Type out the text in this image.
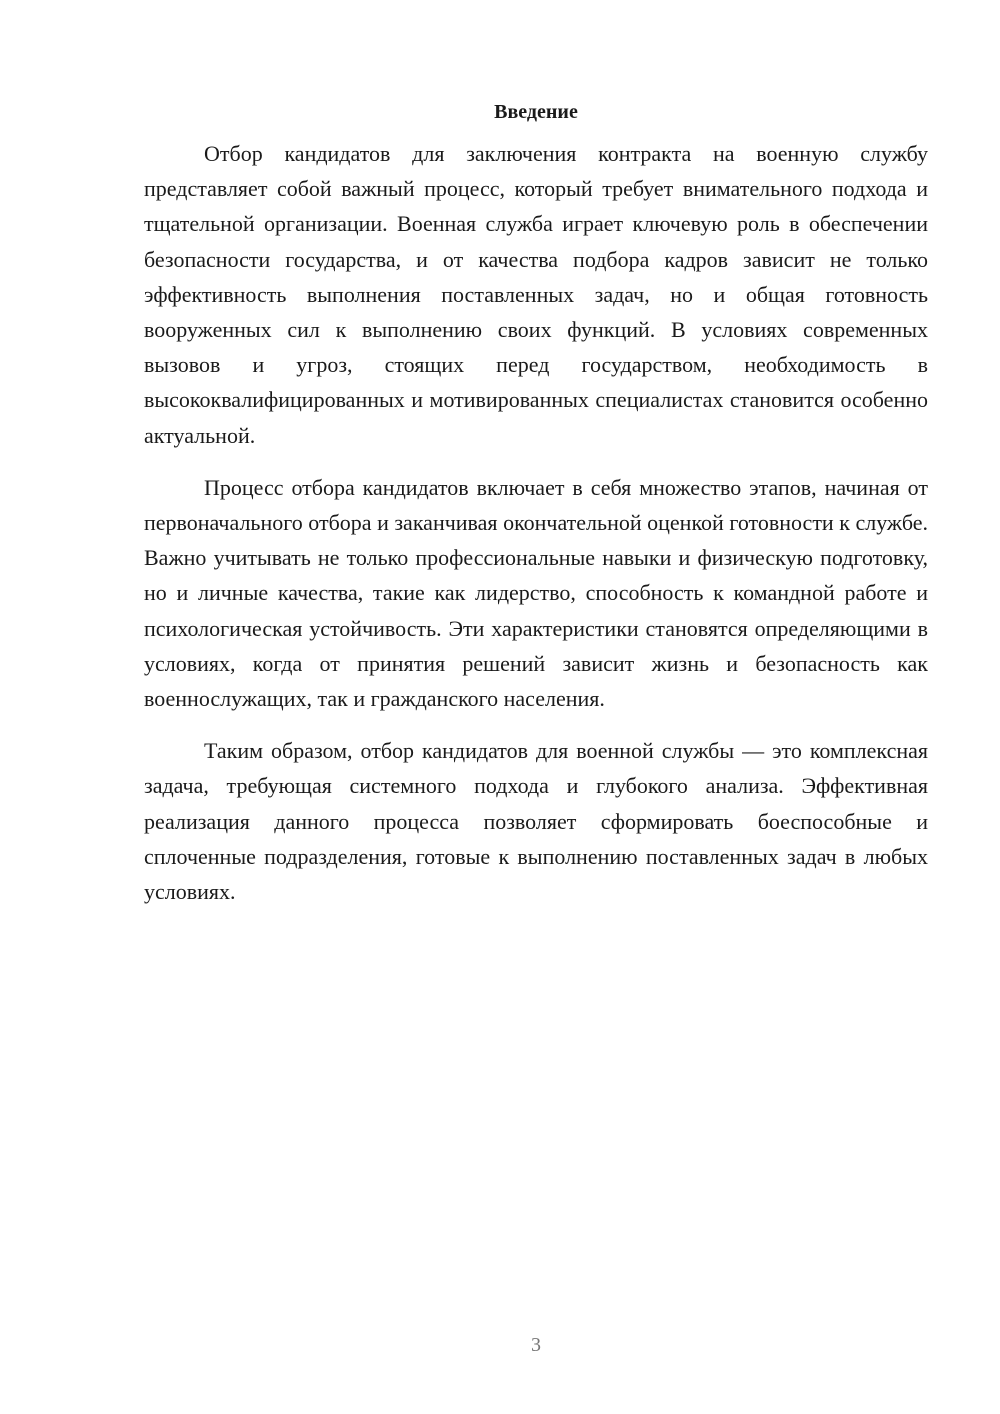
Введение

Отбор кандидатов для заключения контракта на военную службу представляет собой важный процесс, который требует внимательного подхода и тщательной организации. Военная служба играет ключевую роль в обеспечении безопасности государства, и от качества подбора кадров зависит не только эффективность выполнения поставленных задач, но и общая готовность вооруженных сил к выполнению своих функций. В условиях современных вызовов и угроз, стоящих перед государством, необходимость в высококвалифицированных и мотивированных специалистах становится особенно актуальной.

Процесс отбора кандидатов включает в себя множество этапов, начиная от первоначального отбора и заканчивая окончательной оценкой готовности к службе. Важно учитывать не только профессиональные навыки и физическую подготовку, но и личные качества, такие как лидерство, способность к командной работе и психологическая устойчивость. Эти характеристики становятся определяющими в условиях, когда от принятия решений зависит жизнь и безопасность как военнослужащих, так и гражданского населения.

Таким образом, отбор кандидатов для военной службы — это комплексная задача, требующая системного подхода и глубокого анализа. Эффективная реализация данного процесса позволяет сформировать боеспособные и сплоченные подразделения, готовые к выполнению поставленных задач в любых условиях.

3
